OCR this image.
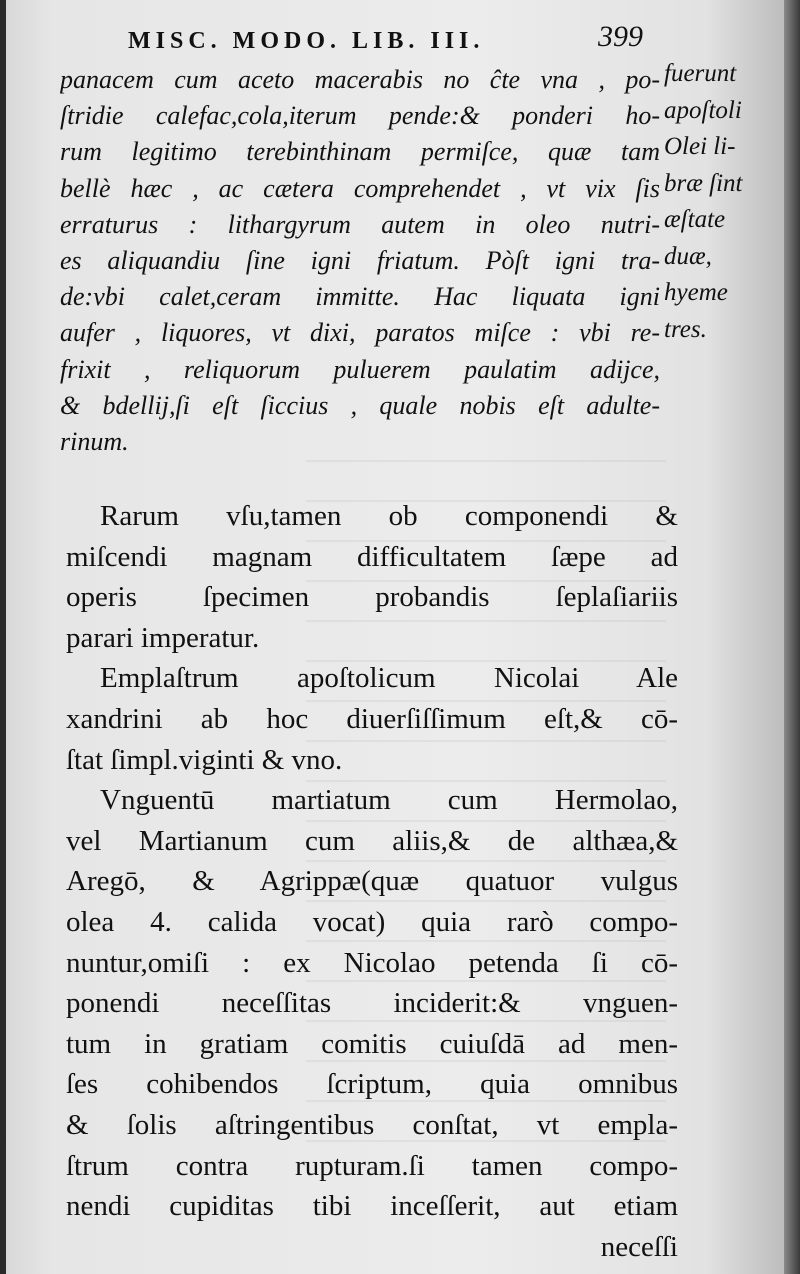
MISC. MODO. LIB. III.	399
panacem cum aceto macerabis no ĉte vna , po-
ſtridie calefac,cola,iterum pende:& ponderi ho-
rum legitimo terebinthinam permiſce, quæ tam
bellè hæc , ac cætera comprehendet , vt vix ſis
erraturus : lithargyrum autem in oleo nutri-
es aliquandiu ſine igni friatum. Pòſt igni tra-
de:vbi calet,ceram immitte. Hac liquata igni
aufer , liquores, vt dixi, paratos miſce : vbi re-
frixit , reliquorum puluerem paulatim adijce,
& bdellij,ſi eſt ſiccius , quale nobis eſt adulte-
rinum.
fuerunt
apoſtoli
Olei li-
bræ ſint
æſtate
duæ,
hyeme
tres.
Rarum vſu,tamen ob componendi &
miſcendi magnam difficultatem ſæpe ad
operis ſpecimen probandis ſeplaſiariis
parari imperatur.
Emplaſtrum apoſtolicum Nicolai Ale
xandrini ab hoc diuerſiſſimum eſt,& cō-
ſtat ſimpl.viginti & vno.
Vnguentū martiatum cum Hermolao,
vel Martianum cum aliis,& de althæa,&
Aregō, & Agrippæ(quæ quatuor vulgus
olea 4. calida vocat) quia rarò compo-
nuntur,omiſi : ex Nicolao petenda ſi cō-
ponendi neceſſitas inciderit:& vnguen-
tum in gratiam comitis cuiuſdā ad men-
ſes cohibendos ſcriptum, quia omnibus
& ſolis aſtringentibus conſtat, vt empla-
ſtrum contra rupturam.ſi tamen compo-
nendi cupiditas tibi inceſſerit, aut etiam
neceſſi
